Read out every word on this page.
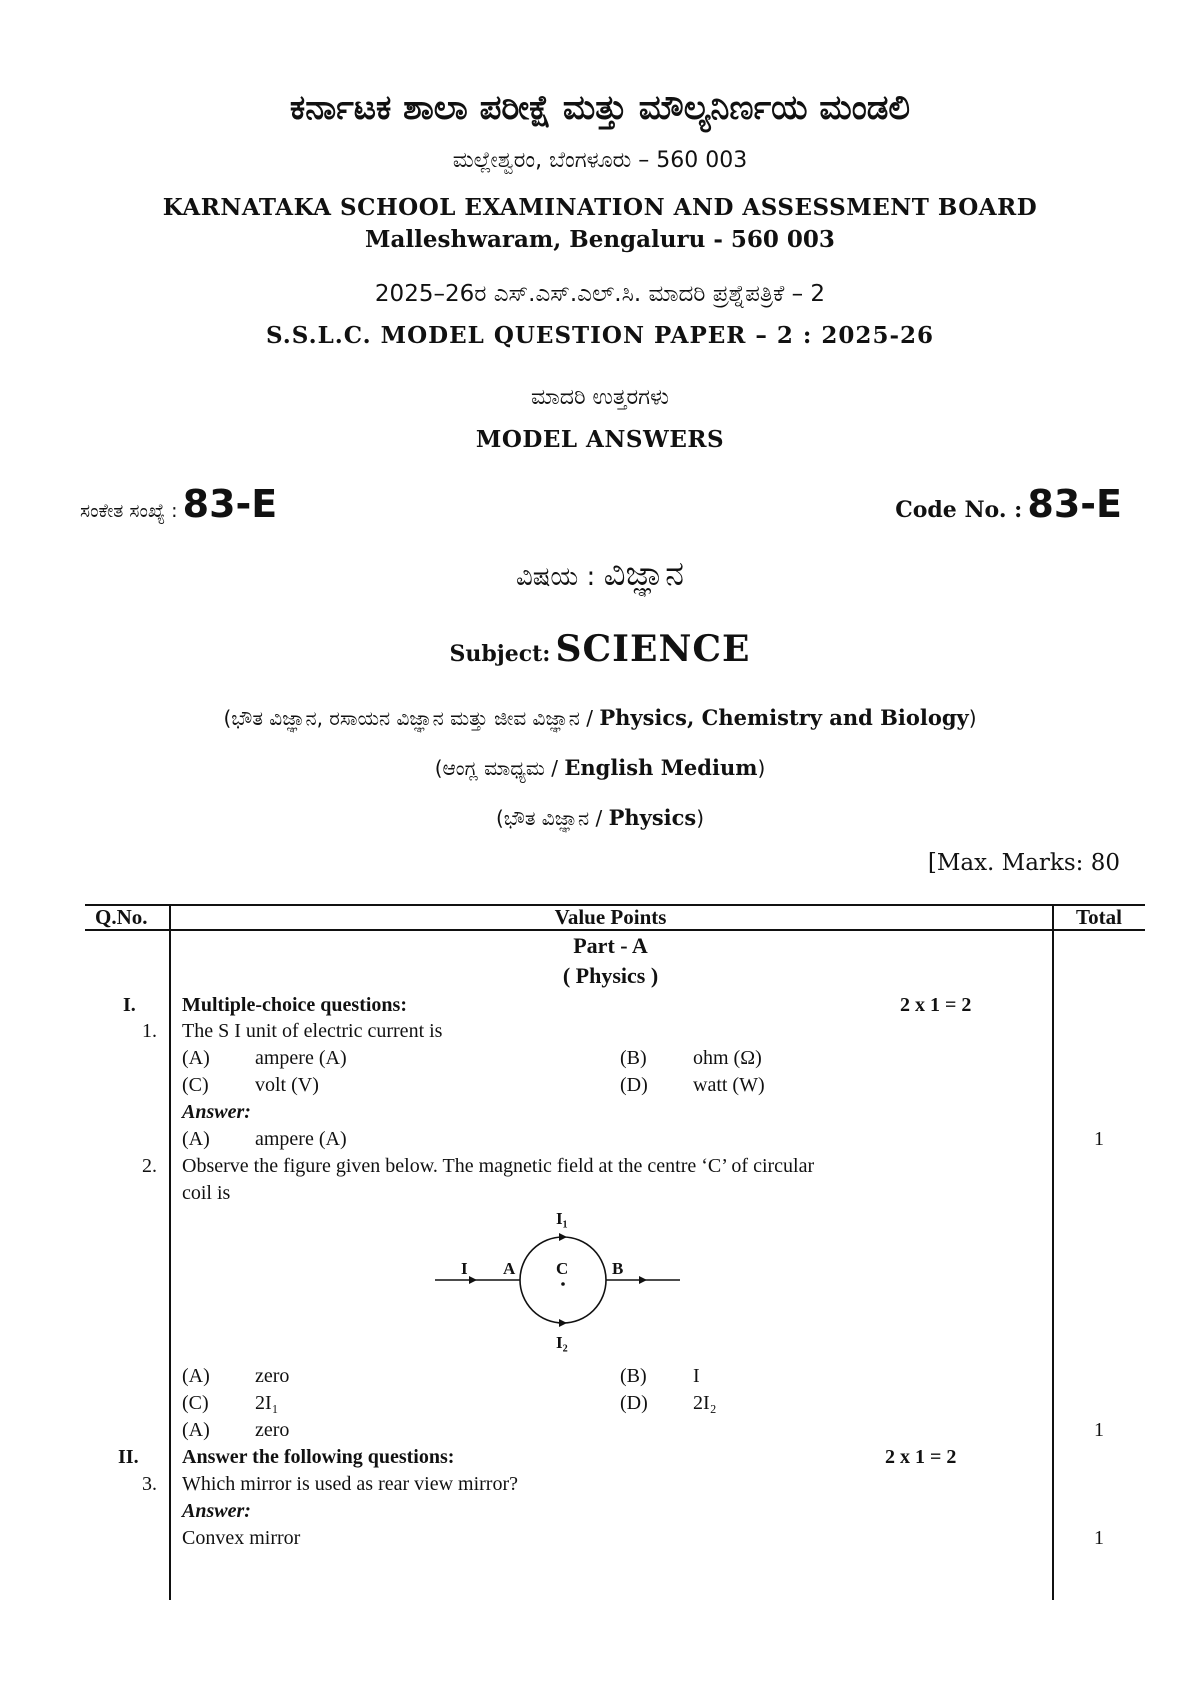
ಕರ್ನಾಟಕ ಶಾಲಾ ಪರೀಕ್ಷೆ ಮತ್ತು ಮೌಲ್ಯನಿರ್ಣಯ ಮಂಡಲಿ
ಮಲ್ಲೇಶ್ವರಂ, ಬೆಂಗಳೂರು – 560 003
KARNATAKA SCHOOL EXAMINATION AND ASSESSMENT BOARD
Malleshwaram, Bengaluru - 560 003
2025–26ರ ಎಸ್.ಎಸ್.ಎಲ್.ಸಿ. ಮಾದರಿ ಪ್ರಶ್ನೆಪತ್ರಿಕೆ – 2
S.S.L.C. MODEL QUESTION PAPER – 2 : 2025-26
ಮಾದರಿ ಉತ್ತರಗಳು
MODEL ANSWERS
ಸಂಕೇತ ಸಂಖ್ಯೆ : 83-E	Code No. : 83-E
ವಿಷಯ : ವಿಜ್ಞಾನ
Subject: SCIENCE
(ಭೌತ ವಿಜ್ಞಾನ, ರಸಾಯನ ವಿಜ್ಞಾನ ಮತ್ತು ಜೀವ ವಿಜ್ಞಾನ / Physics, Chemistry and Biology)
(ಆಂಗ್ಲ ಮಾಧ್ಯಮ / English Medium)
(ಭೌತ ವಿಜ್ಞಾನ / Physics)
[Max. Marks: 80
Q.No.	Value Points	Total
Part - A
( Physics )
I. Multiple-choice questions:	2 x 1 = 2
1. The S I unit of electric current is
(A) ampere (A)	(B) ohm (Ω)
(C) volt (V)	(D) watt (W)
Answer:
(A) ampere (A)	1
2. Observe the figure given below. The magnetic field at the centre ‘C’ of circular
coil is
I A C	B
I₁
I₂
(A) zero	(B) I
(C) 2I₁	(D) 2I₂
(A) zero	1
II. Answer the following questions:	2 x 1 = 2
3. Which mirror is used as rear view mirror?
Answer:
Convex mirror	1
